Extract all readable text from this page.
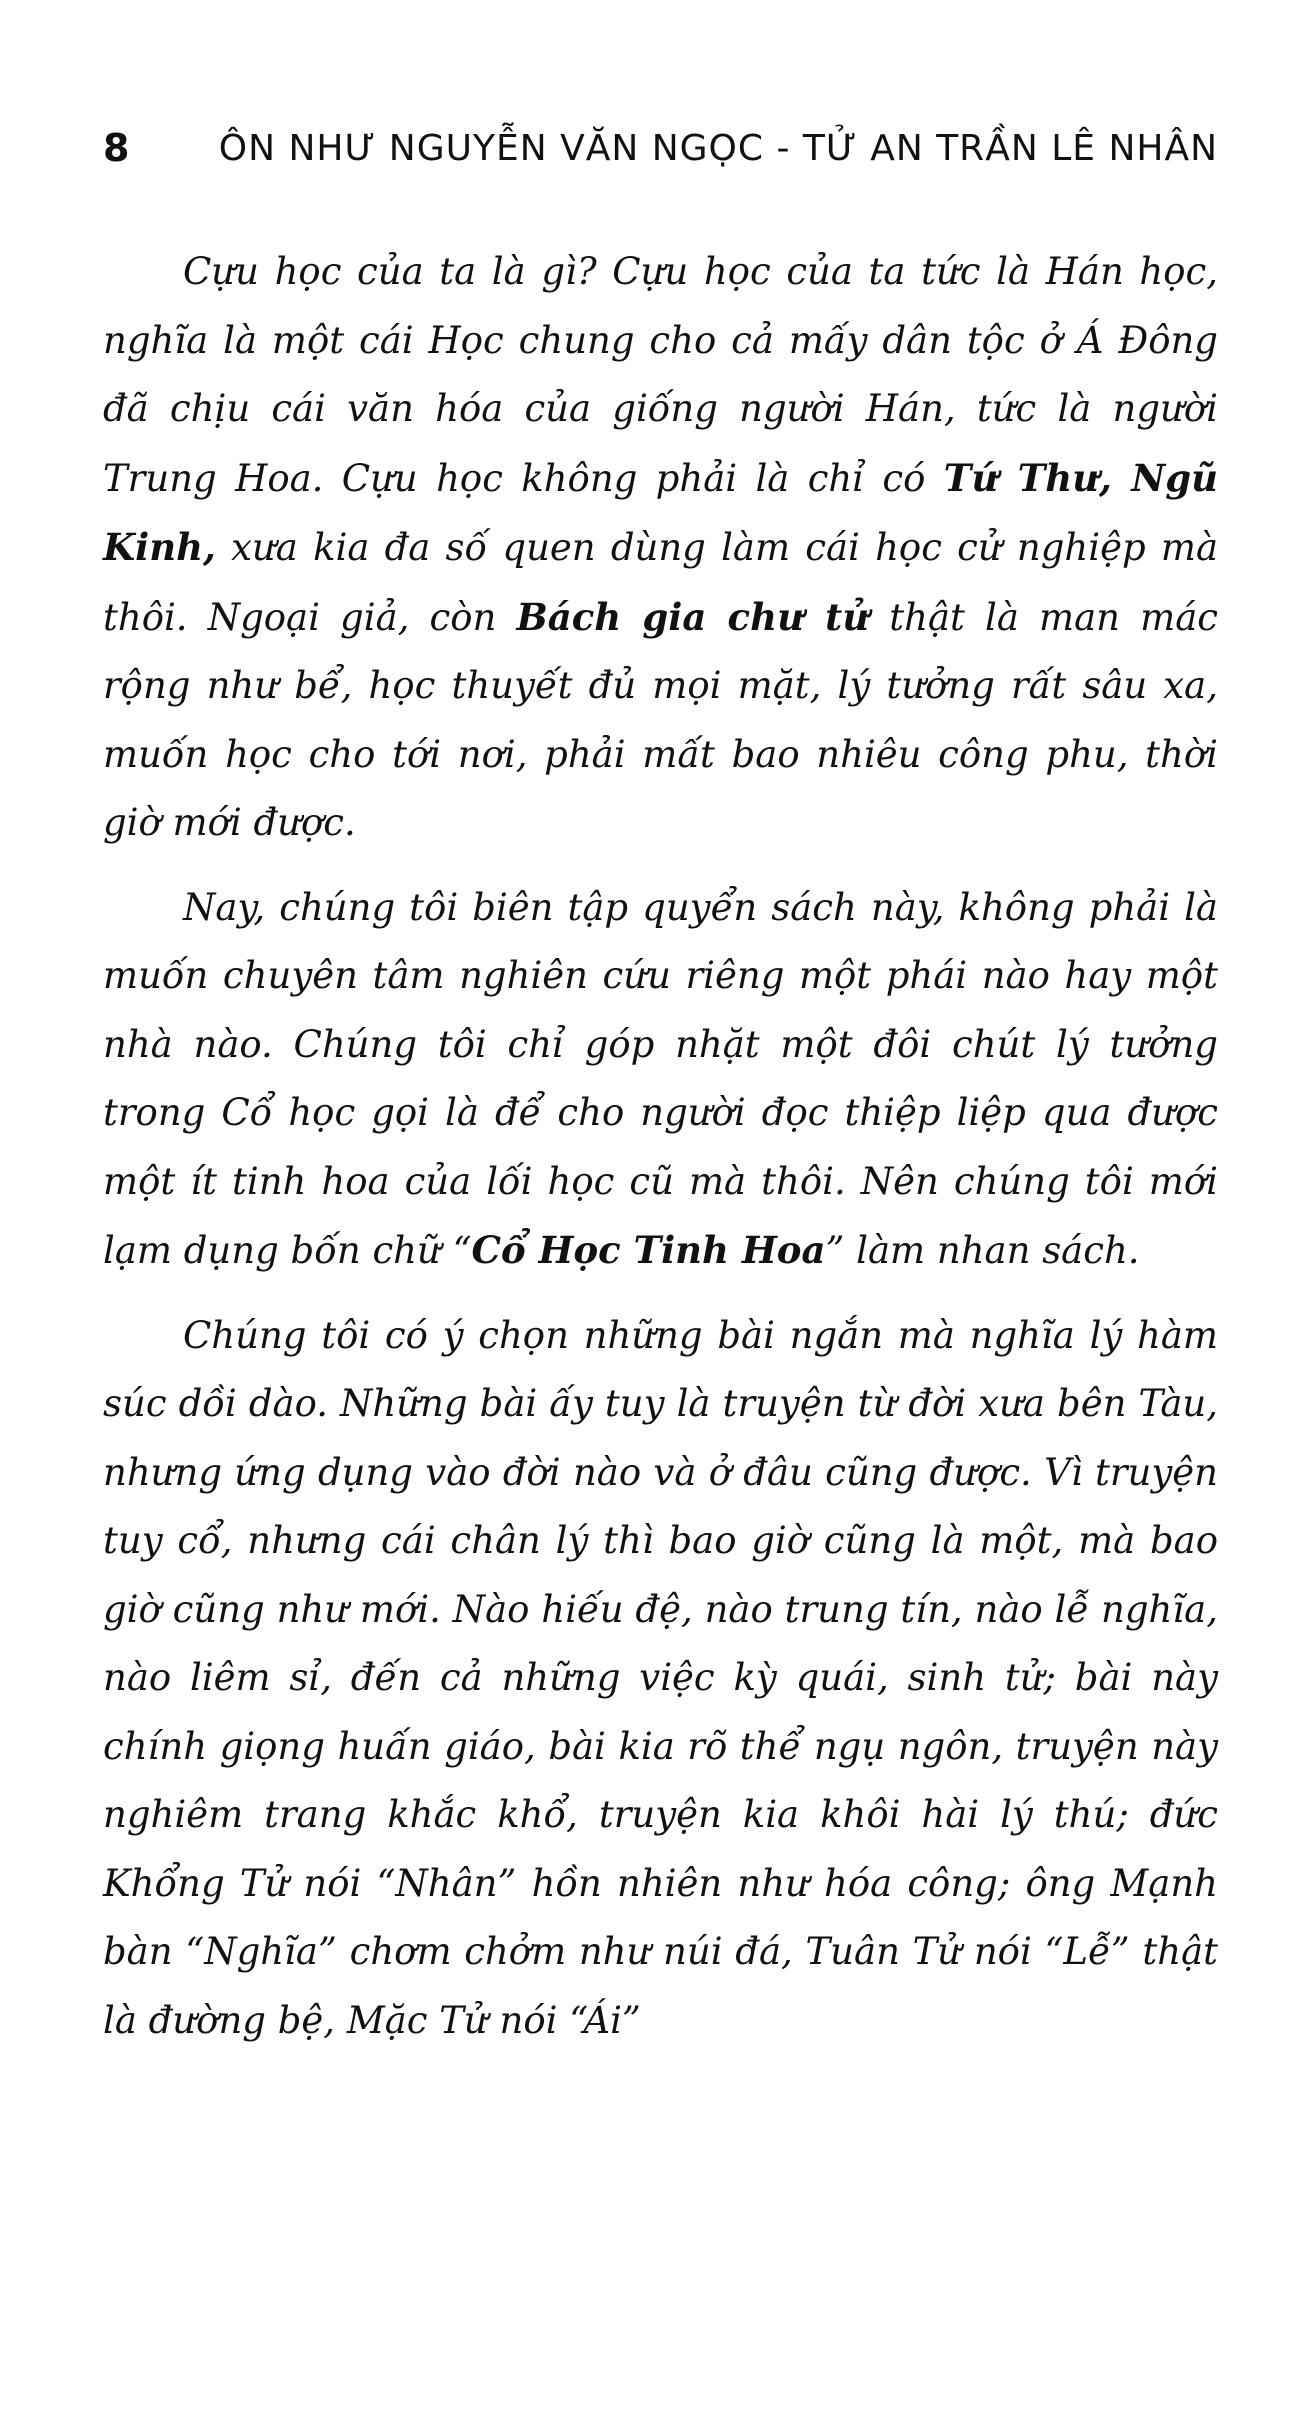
8 ÔN NHƯ NGUYỄN VĂN NGỌC - TỬ AN TRẦN LÊ NHÂN

Cựu học của ta là gì? Cựu học của ta tức là Hán học, nghĩa là một cái Học chung cho cả mấy dân tộc ở Á Đông đã chịu cái văn hóa của giống người Hán, tức là người Trung Hoa. Cựu học không phải là chỉ có Tứ Thư, Ngũ Kinh, xưa kia đa số quen dùng làm cái học cử nghiệp mà thôi. Ngoại giả, còn Bách gia chư tử thật là man mác rộng như bể, học thuyết đủ mọi mặt, lý tưởng rất sâu xa, muốn học cho tới nơi, phải mất bao nhiêu công phu, thời giờ mới được.

Nay, chúng tôi biên tập quyển sách này, không phải là muốn chuyên tâm nghiên cứu riêng một phái nào hay một nhà nào. Chúng tôi chỉ góp nhặt một đôi chút lý tưởng trong Cổ học gọi là để cho người đọc thiệp liệp qua được một ít tinh hoa của lối học cũ mà thôi. Nên chúng tôi mới lạm dụng bốn chữ “Cổ Học Tinh Hoa” làm nhan sách.

Chúng tôi có ý chọn những bài ngắn mà nghĩa lý hàm súc dồi dào. Những bài ấy tuy là truyện từ đời xưa bên Tàu, nhưng ứng dụng vào đời nào và ở đâu cũng được. Vì truyện tuy cổ, nhưng cái chân lý thì bao giờ cũng là một, mà bao giờ cũng như mới. Nào hiếu đệ, nào trung tín, nào lễ nghĩa, nào liêm sỉ, đến cả những việc kỳ quái, sinh tử; bài này chính giọng huấn giáo, bài kia rõ thể ngụ ngôn, truyện này nghiêm trang khắc khổ, truyện kia khôi hài lý thú; đức Khổng Tử nói “Nhân” hồn nhiên như hóa công; ông Mạnh bàn “Nghĩa” chơm chởm như núi đá, Tuân Tử nói “Lễ” thật là đường bệ, Mặc Tử nói “Ái”
